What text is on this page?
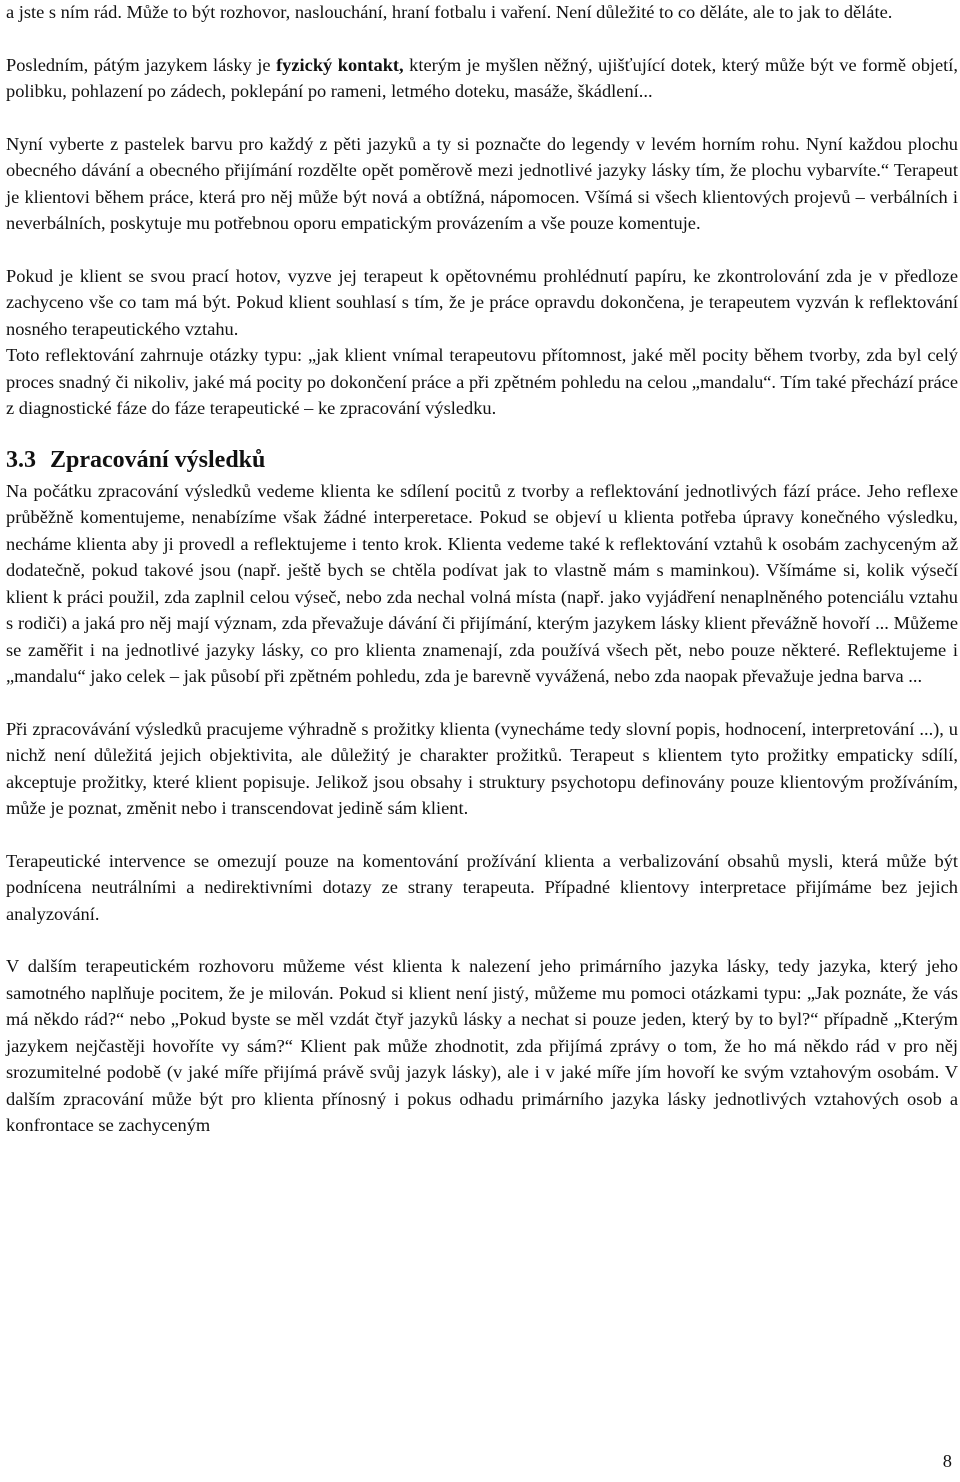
a jste s ním rád. Může to být rozhovor, naslouchání, hraní fotbalu i vaření. Není důležité to co děláte, ale to jak to děláte.

Posledním, pátým jazykem lásky je fyzický kontakt, kterým je myšlen něžný, ujišťující dotek, který může být ve formě objetí, polibku, pohlazení po zádech, poklepání po rameni, letmého doteku, masáže, škádlení...

Nyní vyberte z pastelek barvu pro každý z pěti jazyků a ty si poznačte do legendy v levém horním rohu. Nyní každou plochu obecného dávání a obecného přijímání rozdělte opět poměrově mezi jednotlivé jazyky lásky tím, že plochu vybarvíte.“ Terapeut je klientovi během práce, která pro něj může být nová a obtížná, nápomocen. Všímá si všech klientových projevů – verbálních i neverbálních, poskytuje mu potřebnou oporu empatickým provázením a vše pouze komentuje.

Pokud je klient se svou prací hotov, vyzve jej terapeut k opětovnému prohlédnutí papíru, ke zkontrolování zda je v předloze zachyceno vše co tam má být. Pokud klient souhlasí s tím, že je práce opravdu dokončena, je terapeutem vyzván k reflektování nosného terapeutického vztahu.

Toto reflektování zahrnuje otázky typu: „jak klient vnímal terapeutovu přítomnost, jaké měl pocity během tvorby, zda byl celý proces snadný či nikoliv, jaké má pocity po dokončení práce a při zpětném pohledu na celou „mandalu“. Tím také přechází práce z diagnostické fáze do fáze terapeutické – ke zpracování výsledku.

3.3 Zpracování výsledků

Na počátku zpracování výsledků vedeme klienta ke sdílení pocitů z tvorby a reflektování jednotlivých fází práce. Jeho reflexe průběžně komentujeme, nenabízíme však žádné interperetace. Pokud se objeví u klienta potřeba úpravy konečného výsledku, necháme klienta aby ji provedl a reflektujeme i tento krok. Klienta vedeme také k reflektování vztahů k osobám zachyceným až dodatečně, pokud takové jsou (např. ještě bych se chtěla podívat jak to vlastně mám s maminkou). Všímáme si, kolik výsečí klient k práci použil, zda zaplnil celou výseč, nebo zda nechal volná místa (např. jako vyjádření nenaplněného potenciálu vztahu s rodiči) a jaká pro něj mají význam, zda převažuje dávání či přijímání, kterým jazykem lásky klient převážně hovoří ... Můžeme se zaměřit i na jednotlivé jazyky lásky, co pro klienta znamenají, zda používá všech pět, nebo pouze některé. Reflektujeme i „mandalu“ jako celek – jak působí při zpětném pohledu, zda je barevně vyvážená, nebo zda naopak převažuje jedna barva ...

Při zpracovávání výsledků pracujeme výhradně s prožitky klienta (vynecháme tedy slovní popis, hodnocení, interpretování ...), u nichž není důležitá jejich objektivita, ale důležitý je charakter prožitků. Terapeut s klientem tyto prožitky empaticky sdílí, akceptuje prožitky, které klient popisuje. Jelikož jsou obsahy i struktury psychotopu definovány pouze klientovým prožíváním, může je poznat, změnit nebo i transcendovat jedině sám klient.

Terapeutické intervence se omezují pouze na komentování prožívání klienta a verbalizování obsahů mysli, která může být podnícena neutrálními a nedirektivními dotazy ze strany terapeuta. Případné klientovy interpretace přijímáme bez jejich analyzování.

V dalším terapeutickém rozhovoru můžeme vést klienta k nalezení jeho primárního jazyka lásky, tedy jazyka, který jeho samotného naplňuje pocitem, že je milován. Pokud si klient není jistý, můžeme mu pomoci otázkami typu: „Jak poznáte, že vás má někdo rád?“ nebo „Pokud byste se měl vzdát čtyř jazyků lásky a nechat si pouze jeden, který by to byl?“ případně „Kterým jazykem nejčastěji hovoříte vy sám?“ Klient pak může zhodnotit, zda přijímá zprávy o tom, že ho má někdo rád v pro něj srozumitelné podobě (v jaké míře přijímá právě svůj jazyk lásky), ale i v jaké míře jím hovoří ke svým vztahovým osobám. V dalším zpracování může být pro klienta přínosný i pokus odhadu primárního jazyka lásky jednotlivých vztahových osob a konfrontace se zachyceným

8
